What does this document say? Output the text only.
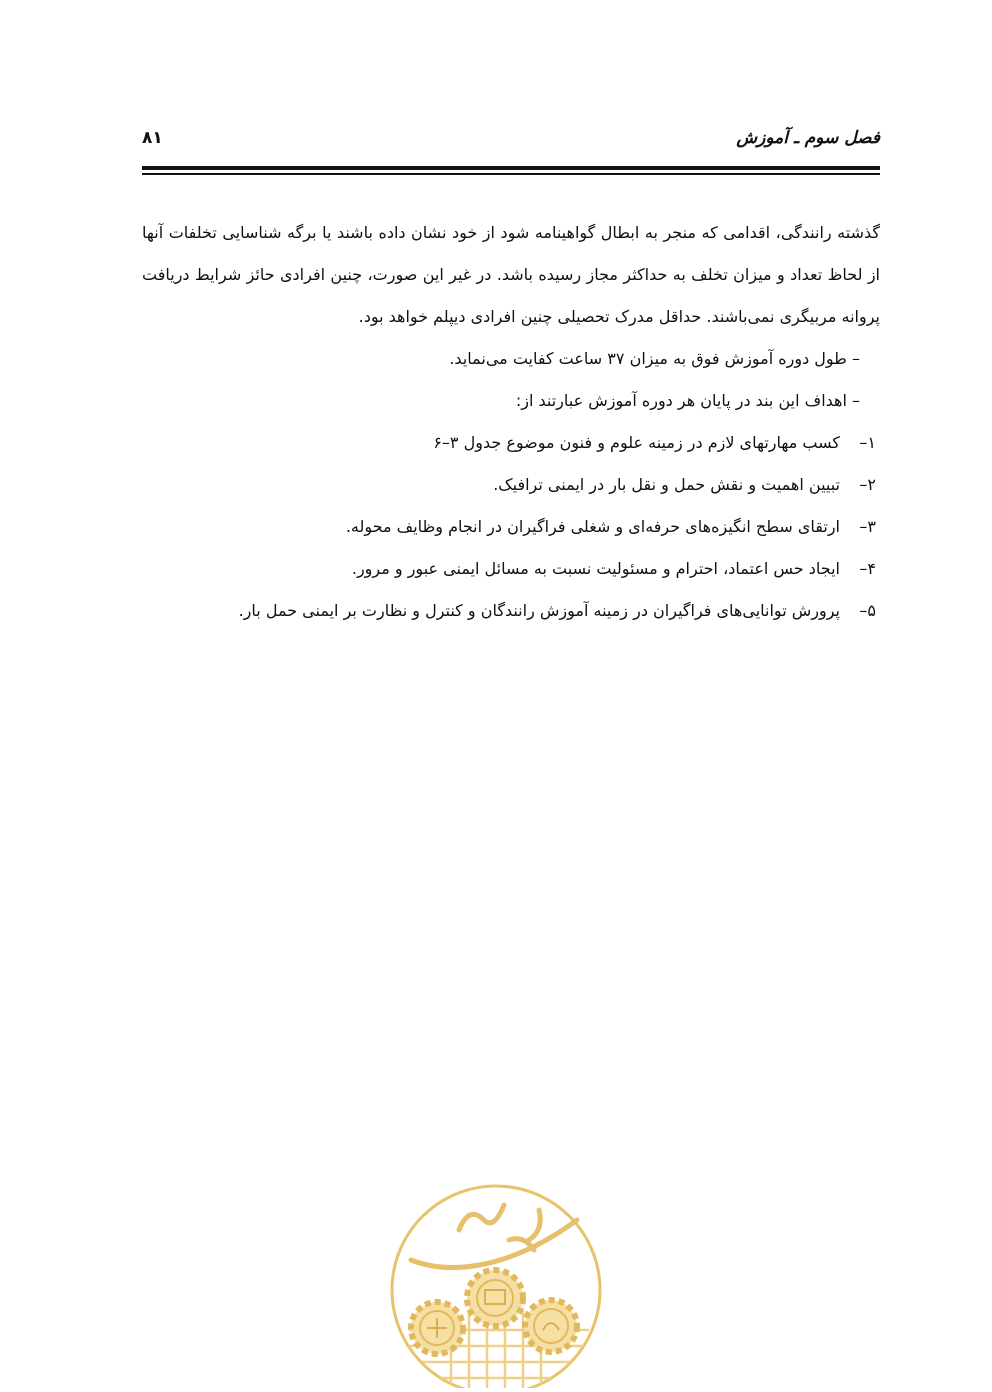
فصل سوم ـ آموزش
۸۱

گذشته رانندگی، اقدامی که منجر به ابطال گواهینامه شود از خود نشان داده باشند یا برگه شناسایی تخلفات آنها از لحاظ تعداد و میزان تخلف به حداکثر مجاز رسیده باشد. در غیر این صورت، چنین افرادی حائز شرایط دریافت پروانه مربیگری نمی‌باشند. حداقل مدرک تحصیلی چنین افرادی دیپلم خواهد بود.

– طول دوره آموزش فوق به میزان ۳۷ ساعت کفایت می‌نماید.

– اهداف این بند در پایان هر دوره آموزش عبارتند از:

۱–
کسب مهارتهای لازم در زمینه علوم و فنون موضوع جدول ۳–۶
۲–
تبیین اهمیت و نقش حمل و نقل بار در ایمنی ترافیک.
۳–
ارتقای سطح انگیزه‌های حرفه‌ای و شغلی فراگیران در انجام وظایف محوله.
۴–
ایجاد حس اعتماد، احترام و مسئولیت نسبت به مسائل ایمنی عبور و مرور.
۵–
پرورش توانایی‌های فراگیران در زمینه آموزش رانندگان و کنترل و نظارت بر ایمنی حمل بار.
